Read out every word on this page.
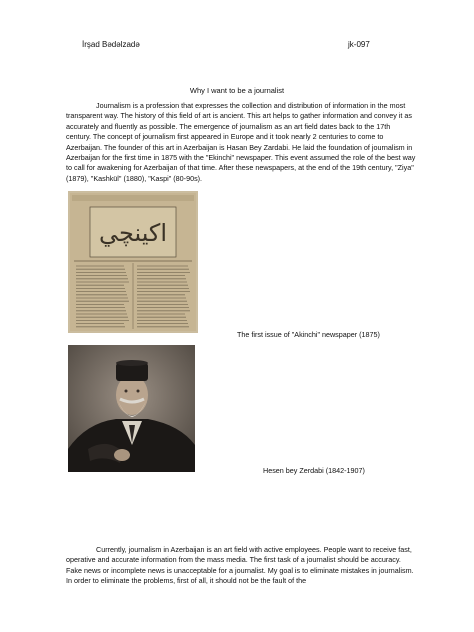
İrşad Bədəlzadə	jk-097
Why I want to be a journalist

Journalism is a profession that expresses the collection and distribution of information in the most transparent way. The history of this field of art is ancient. This art helps to gather information and convey it as accurately and fluently as possible. The emergence of journalism as an art field dates back to the 17th century. The concept of journalism first appeared in Europe and it took nearly 2 centuries to come to Azerbaijan. The founder of this art in Azerbaijan is Hasan Bey Zardabi. He laid the foundation of journalism in Azerbaijan for the first time in 1875 with the "Ekinchi" newspaper. This event assumed the role of the best way to call for awakening for Azerbaijan of that time. After these newspapers, at the end of the 19th century, "Ziya" (1879), "Kashkül" (1880), "Kaspi" (80-90s).

اكينچي
The first issue of "Akinchi" newspaper (1875)
Hesen bey Zerdabi (1842-1907)

Currently, journalism in Azerbaijan is an art field with active employees. People want to receive fast, operative and accurate information from the mass media. The first task of a journalist should be accuracy. Fake news or incomplete news is unacceptable for a journalist. My goal is to eliminate mistakes in journalism. In order to eliminate the problems, first of all, it should not be the fault of the
